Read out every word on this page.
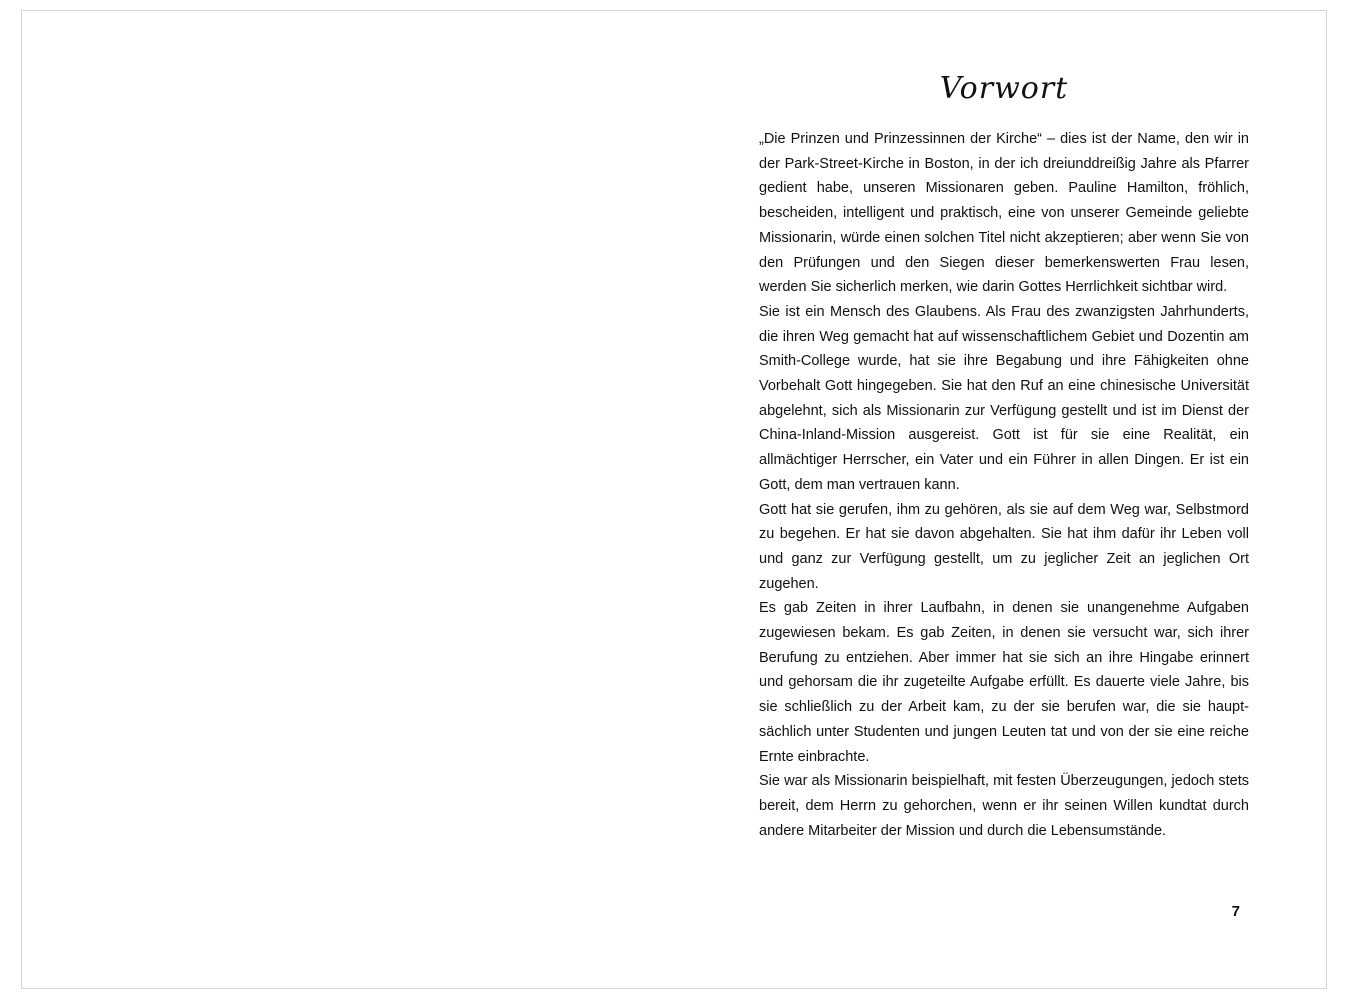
Vorwort

„Die Prinzen und Prinzessinnen der Kirche“ – dies ist der Name, den wir in der Park-Street-Kirche in Boston, in der ich dreiunddreißig Jahre als Pfarrer gedient habe, unseren Missionaren geben. Pauline Hamilton, fröhlich, bescheiden, intelligent und praktisch, eine von unserer Gemeinde geliebte Missionarin, würde einen solchen Titel nicht akzeptieren; aber wenn Sie von den Prüfungen und den Siegen dieser bemerkenswerten Frau lesen, werden Sie sicherlich merken, wie darin Gottes Herrlichkeit sichtbar wird.

Sie ist ein Mensch des Glaubens. Als Frau des zwanzigsten Jahrhunderts, die ihren Weg gemacht hat auf wissenschaftlichem Gebiet und Dozentin am Smith-College wurde, hat sie ihre Begabung und ihre Fähigkeiten ohne Vorbehalt Gott hingegeben. Sie hat den Ruf an eine chinesische Universität abgelehnt, sich als Missionarin zur Verfügung gestellt und ist im Dienst der China-Inland-Mission ausgereist. Gott ist für sie eine Realität, ein allmächtiger Herrscher, ein Vater und ein Führer in allen Dingen. Er ist ein Gott, dem man vertrauen kann.

Gott hat sie gerufen, ihm zu gehören, als sie auf dem Weg war, Selbstmord zu begehen. Er hat sie davon abgehalten. Sie hat ihm dafür ihr Leben voll und ganz zur Verfügung gestellt, um zu jeglicher Zeit an jeglichen Ort zugehen.

Es gab Zeiten in ihrer Laufbahn, in denen sie unangenehme Aufgaben zugewiesen bekam. Es gab Zeiten, in denen sie versucht war, sich ihrer Berufung zu entziehen. Aber immer hat sie sich an ihre Hingabe erinnert und gehorsam die ihr zugeteilte Aufgabe erfüllt. Es dauerte viele Jahre, bis sie schließlich zu der Arbeit kam, zu der sie berufen war, die sie hauptsächlich unter Studenten und jungen Leuten tat und von der sie eine reiche Ernte einbrachte.

Sie war als Missionarin beispielhaft, mit festen Überzeugungen, jedoch stets bereit, dem Herrn zu gehorchen, wenn er ihr seinen Willen kundtat durch andere Mitarbeiter der Mission und durch die Lebensumstände.

7
